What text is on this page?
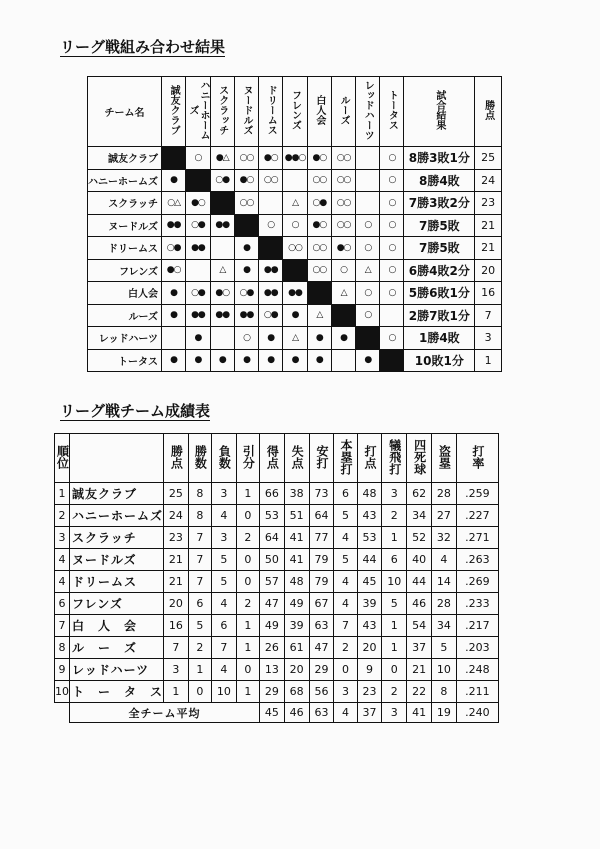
リーグ戦組み合わせ結果
チーム名	誠友クラブ	ハニーホームズ	スクラッチ	ヌードルズ	ドリームス	フレンズ	白人会	ルーズ	レッドハーツ	トータス	試合結果	勝点
誠友クラブ		○	●△	○○	●○	●●○	●○	○○		○	8勝3敗1分	25
ハニーホームズ	●		○●	●○	○○		○○	○○		○	8勝4敗	24
スクラッチ	○△	●○		○○		△	○●	○○		○	7勝3敗2分	23
ヌードルズ	●●	○●	●●		○	○	●○	○○	○	○	7勝5敗	21
ドリームス	○●	●●		●		○○	○○	●○	○	○	7勝5敗	21
フレンズ	●○		△	●	●●		○○	○	△	○	6勝4敗2分	20
白人会	●	○●	●○	○●	●●	●●		△	○	○	5勝6敗1分	16
ルーズ	●	●●	●●	●●	○●	●	△		○		2勝7敗1分	7
レッドハーツ		●		○	●	△	●	●		○	1勝4敗	3
トータス	●	●	●	●	●	●	●		●		10敗1分	1
リーグ戦チーム成績表
順位		勝点	勝数	負数	引分	得点	失点	安打	本塁打	打点	犠飛打	四死球	盗塁	打率
1	誠友クラブ	25	8	3	1	66	38	73	6	48	3	62	28	.259
2	ハニーホームズ	24	8	4	0	53	51	64	5	43	2	34	27	.227
3	スクラッチ	23	7	3	2	64	41	77	4	53	1	52	32	.271
4	ヌードルズ	21	7	5	0	50	41	79	5	44	6	40	4	.263
4	ドリームス	21	7	5	0	57	48	79	4	45	10	44	14	.269
6	フレンズ	20	6	4	2	47	49	67	4	39	5	46	28	.233
7	白　人　会	16	5	6	1	49	39	63	7	43	1	54	34	.217
8	ル　ー　ズ	7	2	7	1	26	61	47	2	20	1	37	5	.203
9	レッドハーツ	3	1	4	0	13	20	29	0	9	0	21	10	.248
10	ト　ー　タ　ス	1	0	10	1	29	68	56	3	23	2	22	8	.211
	全チーム平均					45	46	63	4	37	3	41	19	.240
